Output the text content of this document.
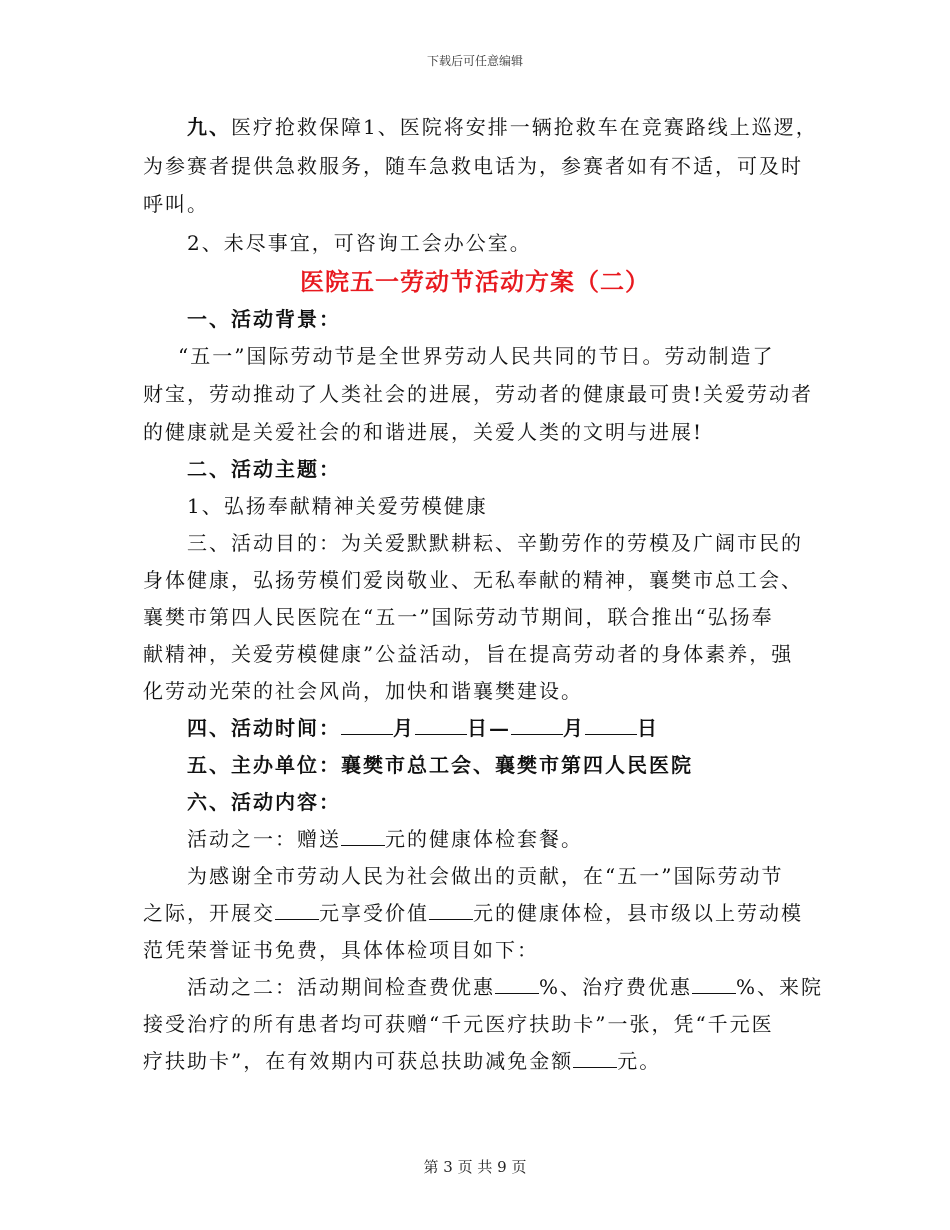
下载后可任意编辑
九、医疗抢救保障1、医院将安排一辆抢救车在竞赛路线上巡逻，
为参赛者提供急救服务，随车急救电话为，参赛者如有不适，可及时
呼叫。
2、未尽事宜，可咨询工会办公室。
医院五一劳动节活动方案（二）
一、活动背景：
“五一”国际劳动节是全世界劳动人民共同的节日。劳动制造了
财宝，劳动推动了人类社会的进展，劳动者的健康最可贵!关爱劳动者
的健康就是关爱社会的和谐进展，关爱人类的文明与进展!
二、活动主题：
1、弘扬奉献精神关爱劳模健康
三、活动目的：为关爱默默耕耘、辛勤劳作的劳模及广阔市民的
身体健康，弘扬劳模们爱岗敬业、无私奉献的精神，襄樊市总工会、
襄樊市第四人民医院在“五一”国际劳动节期间，联合推出“弘扬奉
献精神，关爱劳模健康”公益活动，旨在提高劳动者的身体素养，强
化劳动光荣的社会风尚，加快和谐襄樊建设。
四、活动时间：	月	日—	月	日
五、主办单位：襄樊市总工会、襄樊市第四人民医院
六、活动内容：
活动之一：赠送 元的健康体检套餐。
为感谢全市劳动人民为社会做出的贡献，在“五一”国际劳动节
之际，开展交 元享受价值 元的健康体检，县市级以上劳动模
范凭荣誉证书免费，具体体检项目如下：
活动之二：活动期间检查费优惠 %、治疗费优惠 %、来院
接受治疗的所有患者均可获赠“千元医疗扶助卡”一张，凭“千元医
疗扶助卡”，在有效期内可获总扶助减免金额 元。
第 3 页 共 9 页
